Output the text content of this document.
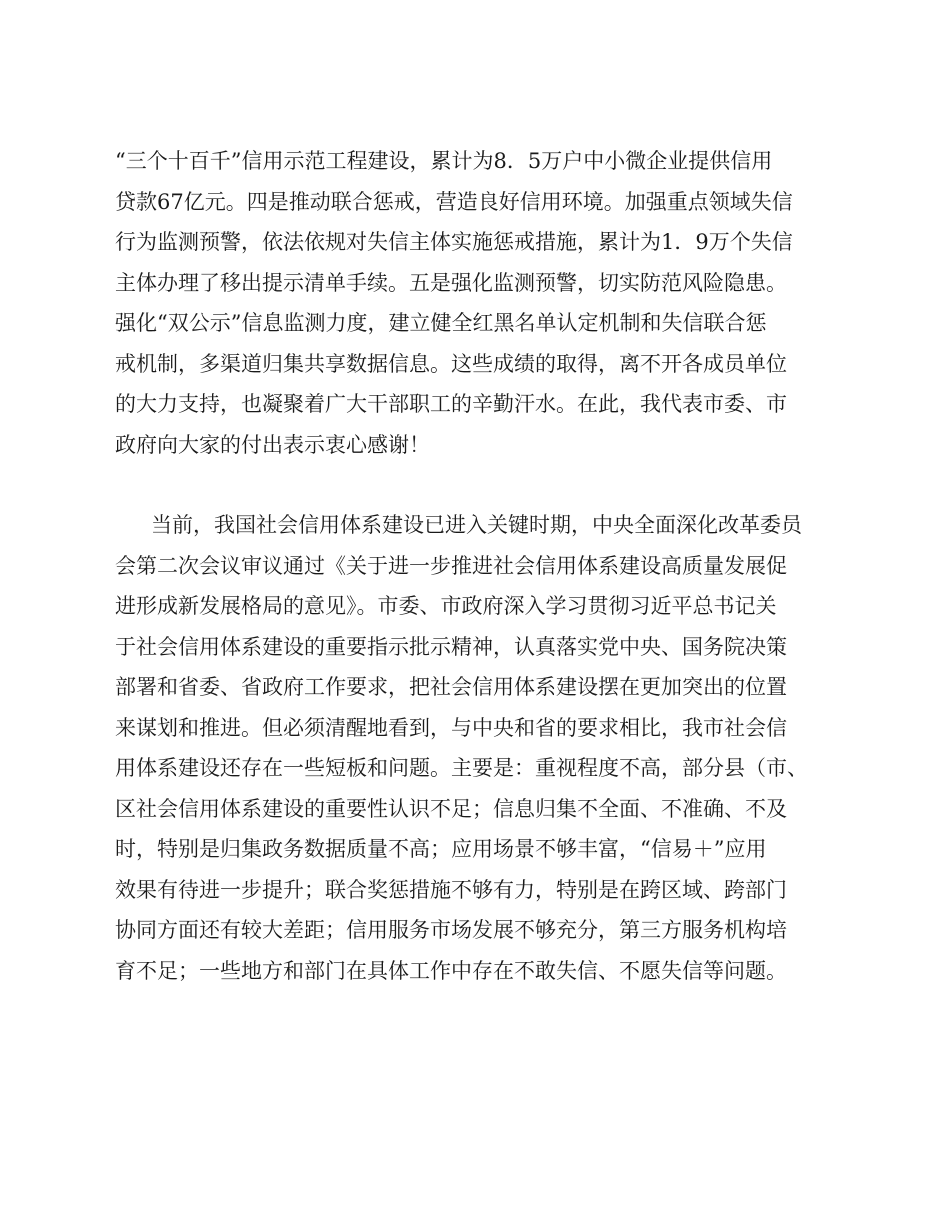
“三个十百千”信用示范工程建设，累计为8．5万户中小微企业提供信用
贷款67亿元。四是推动联合惩戒，营造良好信用环境。加强重点领域失信
行为监测预警，依法依规对失信主体实施惩戒措施，累计为1．9万个失信
主体办理了移出提示清单手续。五是强化监测预警，切实防范风险隐患。
强化“双公示”信息监测力度，建立健全红黑名单认定机制和失信联合惩
戒机制，多渠道归集共享数据信息。这些成绩的取得，离不开各成员单位
的大力支持，也凝聚着广大干部职工的辛勤汗水。在此，我代表市委、市
政府向大家的付出表示衷心感谢！
当前，我国社会信用体系建设已进入关键时期，中央全面深化改革委员
会第二次会议审议通过《关于进一步推进社会信用体系建设高质量发展促
进形成新发展格局的意见》。市委、市政府深入学习贯彻习近平总书记关
于社会信用体系建设的重要指示批示精神，认真落实党中央、国务院决策
部署和省委、省政府工作要求，把社会信用体系建设摆在更加突出的位置
来谋划和推进。但必须清醒地看到，与中央和省的要求相比，我市社会信
用体系建设还存在一些短板和问题。主要是：重视程度不高，部分县（市、
区社会信用体系建设的重要性认识不足；信息归集不全面、不准确、不及
时，特别是归集政务数据质量不高；应用场景不够丰富，“信易＋”应用
效果有待进一步提升；联合奖惩措施不够有力，特别是在跨区域、跨部门
协同方面还有较大差距；信用服务市场发展不够充分，第三方服务机构培
育不足；一些地方和部门在具体工作中存在不敢失信、不愿失信等问题。
